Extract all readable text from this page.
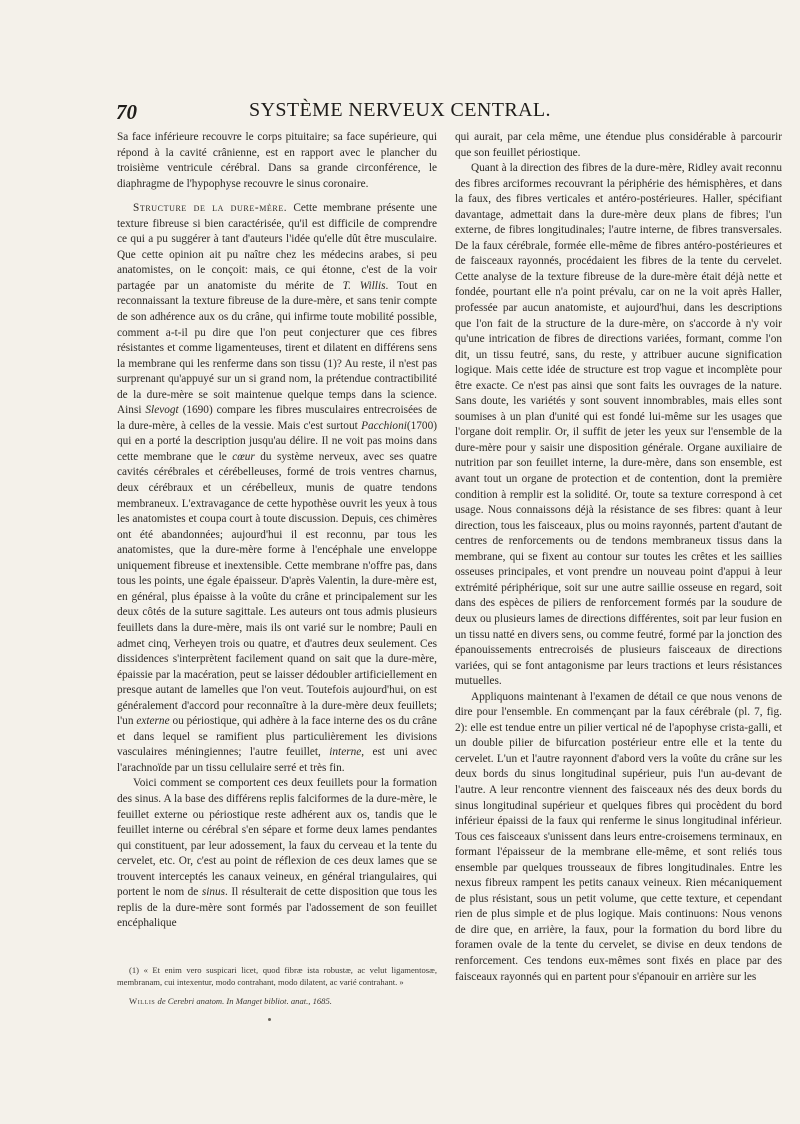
70	SYSTÈME NERVEUX CENTRAL.

Sa face inférieure recouvre le corps pituitaire; sa face supérieure, qui répond à la cavité crânienne, est en rapport avec le plancher du troisième ventricule cérébral. Dans sa grande circonférence, le diaphragme de l'hypophyse recouvre le sinus coronaire.

Structure de la dure-mère. Cette membrane présente une texture fibreuse si bien caractérisée, qu'il est difficile de comprendre ce qui a pu suggérer à tant d'auteurs l'idée qu'elle dût être musculaire. Que cette opinion ait pu naître chez les médecins arabes, si peu anatomistes, on le conçoit: mais, ce qui étonne, c'est de la voir partagée par un anatomiste du mérite de T. Willis. Tout en reconnaissant la texture fibreuse de la dure-mère, et sans tenir compte de son adhérence aux os du crâne, qui infirme toute mobilité possible, comment a-t-il pu dire que l'on peut conjecturer que ces fibres résistantes et comme ligamenteuses, tirent et dilatent en différens sens la membrane qui les renferme dans son tissu (1)? Au reste, il n'est pas surprenant qu'appuyé sur un si grand nom, la prétendue contractibilité de la dure-mère se soit maintenue quelque temps dans la science. Ainsi Slevogt (1690) compare les fibres musculaires entrecroisées de la dure-mère, à celles de la vessie. Mais c'est surtout Pacchioni(1700) qui en a porté la description jusqu'au délire. Il ne voit pas moins dans cette membrane que le cœur du système nerveux, avec ses quatre cavités cérébrales et cérébelleuses, formé de trois ventres charnus, deux cérébraux et un cérébelleux, munis de quatre tendons membraneux. L'extravagance de cette hypothèse ouvrit les yeux à tous les anatomistes et coupa court à toute discussion. Depuis, ces chimères ont été abandonnées; aujourd'hui il est reconnu, par tous les anatomistes, que la dure-mère forme à l'encéphale une enveloppe uniquement fibreuse et inextensible. Cette membrane n'offre pas, dans tous les points, une égale épaisseur. D'après Valentin, la dure-mère est, en général, plus épaisse à la voûte du crâne et principalement sur les deux côtés de la suture sagittale. Les auteurs ont tous admis plusieurs feuillets dans la dure-mère, mais ils ont varié sur le nombre; Pauli en admet cinq, Verheyen trois ou quatre, et d'autres deux seulement. Ces dissidences s'interprètent facilement quand on sait que la dure-mère, épaissie par la macération, peut se laisser dédoubler artificiellement en presque autant de lamelles que l'on veut. Toutefois aujourd'hui, on est généralement d'accord pour reconnaître à la dure-mère deux feuillets; l'un externe ou périostique, qui adhère à la face interne des os du crâne et dans lequel se ramifient plus particulièrement les divisions vasculaires méningiennes; l'autre feuillet, interne, est uni avec l'arachnoïde par un tissu cellulaire serré et très fin.

Voici comment se comportent ces deux feuillets pour la formation des sinus. A la base des différens replis falciformes de la dure-mère, le feuillet externe ou périostique reste adhérent aux os, tandis que le feuillet interne ou cérébral s'en sépare et forme deux lames pendantes qui constituent, par leur adossement, la faux du cerveau et la tente du cervelet, etc. Or, c'est au point de réflexion de ces deux lames que se trouvent interceptés les canaux veineux, en général triangulaires, qui portent le nom de sinus. Il résulterait de cette disposition que tous les replis de la dure-mère sont formés par l'adossement de son feuillet encéphalique

(1) « Et enim vero suspicari licet, quod fibræ ista robustæ, ac velut ligamentosæ, membranam, cui intexentur, modo contrahant, modo dilatent, ac varié contrahant. »

Willis de Cerebri anatom. In Manget bibliot. anat., 1685.

qui aurait, par cela même, une étendue plus considérable à parcourir que son feuillet périostique.

Quant à la direction des fibres de la dure-mère, Ridley avait reconnu des fibres arciformes recouvrant la périphérie des hémisphères, et dans la faux, des fibres verticales et antéro-postérieures. Haller, spécifiant davantage, admettait dans la dure-mère deux plans de fibres; l'un externe, de fibres longitudinales; l'autre interne, de fibres transversales. De la faux cérébrale, formée elle-même de fibres antéro-postérieures et de faisceaux rayonnés, procédaient les fibres de la tente du cervelet. Cette analyse de la texture fibreuse de la dure-mère était déjà nette et fondée, pourtant elle n'a point prévalu, car on ne la voit après Haller, professée par aucun anatomiste, et aujourd'hui, dans les descriptions que l'on fait de la structure de la dure-mère, on s'accorde à n'y voir qu'une intrication de fibres de directions variées, formant, comme l'on dit, un tissu feutré, sans, du reste, y attribuer aucune signification logique. Mais cette idée de structure est trop vague et incomplète pour être exacte. Ce n'est pas ainsi que sont faits les ouvrages de la nature. Sans doute, les variétés y sont souvent innombrables, mais elles sont soumises à un plan d'unité qui est fondé lui-même sur les usages que l'organe doit remplir. Or, il suffit de jeter les yeux sur l'ensemble de la dure-mère pour y saisir une disposition générale. Organe auxiliaire de nutrition par son feuillet interne, la dure-mère, dans son ensemble, est avant tout un organe de protection et de contention, dont la première condition à remplir est la solidité. Or, toute sa texture correspond à cet usage. Nous connaissons déjà la résistance de ses fibres: quant à leur direction, tous les faisceaux, plus ou moins rayonnés, partent d'autant de centres de renforcements ou de tendons membraneux tissus dans la membrane, qui se fixent au contour sur toutes les crêtes et les saillies osseuses principales, et vont prendre un nouveau point d'appui à leur extrémité périphérique, soit sur une autre saillie osseuse en regard, soit dans des espèces de piliers de renforcement formés par la soudure de deux ou plusieurs lames de directions différentes, soit par leur fusion en un tissu natté en divers sens, ou comme feutré, formé par la jonction des épanouissements entrecroisés de plusieurs faisceaux de directions variées, qui se font antagonisme par leurs tractions et leurs résistances mutuelles.

Appliquons maintenant à l'examen de détail ce que nous venons de dire pour l'ensemble. En commençant par la faux cérébrale (pl. 7, fig. 2): elle est tendue entre un pilier vertical né de l'apophyse crista-galli, et un double pilier de bifurcation postérieur entre elle et la tente du cervelet. L'un et l'autre rayonnent d'abord vers la voûte du crâne sur les deux bords du sinus longitudinal supérieur, puis l'un au-devant de l'autre. A leur rencontre viennent des faisceaux nés des deux bords du sinus longitudinal supérieur et quelques fibres qui procèdent du bord inférieur épaissi de la faux qui renferme le sinus longitudinal inférieur. Tous ces faisceaux s'unissent dans leurs entre-croisemens terminaux, en formant l'épaisseur de la membrane elle-même, et sont reliés tous ensemble par quelques trousseaux de fibres longitudinales. Entre les nexus fibreux rampent les petits canaux veineux. Rien mécaniquement de plus résistant, sous un petit volume, que cette texture, et cependant rien de plus simple et de plus logique. Mais continuons: Nous venons de dire que, en arrière, la faux, pour la formation du bord libre du foramen ovale de la tente du cervelet, se divise en deux tendons de renforcement. Ces tendons eux-mêmes sont fixés en place par des faisceaux rayonnés qui en partent pour s'épanouir en arrière sur les
